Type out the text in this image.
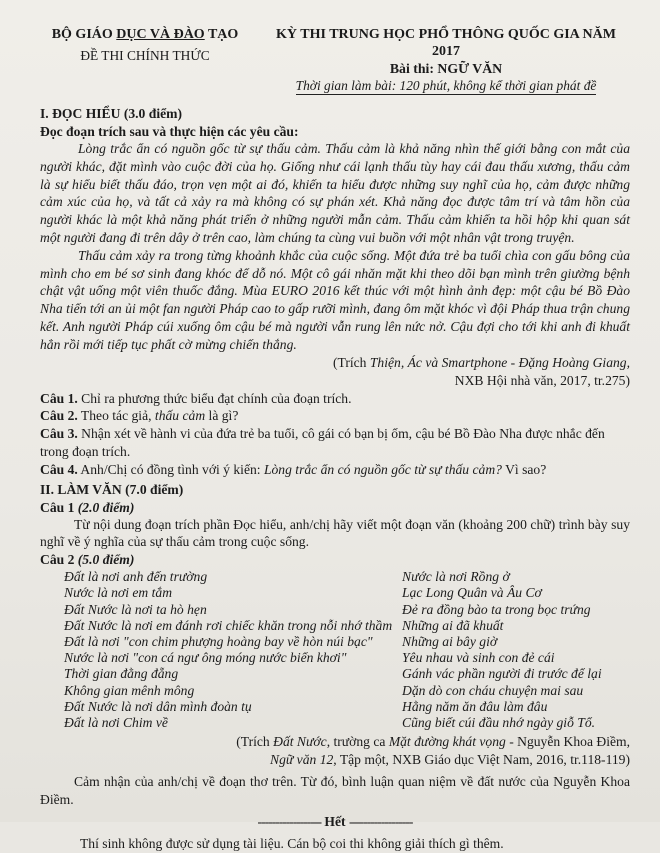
BỘ GIÁO DỤC VÀ ĐÀO TẠO
ĐỀ THI CHÍNH THỨC
KỲ THI TRUNG HỌC PHỔ THÔNG QUỐC GIA NĂM 2017
Bài thi: NGỮ VĂN
Thời gian làm bài: 120 phút, không kể thời gian phát đề
I. ĐỌC HIỂU (3.0 điểm)
Đọc đoạn trích sau và thực hiện các yêu cầu:

Lòng trắc ẩn có nguồn gốc từ sự thấu cảm. Thấu cảm là khả năng nhìn thế giới bằng con mắt của người khác, đặt mình vào cuộc đời của họ. Giống như cái lạnh thấu tùy hay cái đau thấu xương, thấu cảm là sự hiểu biết thấu đáo, trọn vẹn một ai đó, khiến ta hiểu được những suy nghĩ của họ, cảm được những cảm xúc của họ, và tất cả xảy ra mà không có sự phán xét. Khả năng đọc được tâm trí và tâm hồn của người khác là một khả năng phát triển ở những người mẫn cảm. Thấu cảm khiến ta hồi hộp khi quan sát một người đang đi trên dây ở trên cao, làm chúng ta cùng vui buồn với một nhân vật trong truyện.

Thấu cảm xảy ra trong từng khoảnh khắc của cuộc sống. Một đứa trẻ ba tuổi chìa con gấu bông của mình cho em bé sơ sinh đang khóc để dỗ nó. Một cô gái nhăn mặt khi theo dõi bạn mình trên giường bệnh chật vật uống một viên thuốc đắng. Mùa EURO 2016 kết thúc với một hình ảnh đẹp: một cậu bé Bồ Đào Nha tiến tới an ủi một fan người Pháp cao to gấp rưỡi mình, đang ôm mặt khóc vì đội Pháp thua trận chung kết. Anh người Pháp cúi xuống ôm cậu bé mà người vẫn rung lên nức nở. Cậu đợi cho tới khi anh đi khuất hẳn rồi mới tiếp tục phất cờ mừng chiến thắng.

(Trích Thiện, Ác và Smartphone - Đặng Hoàng Giang,
NXB Hội nhà văn, 2017, tr.275)

Câu 1. Chỉ ra phương thức biểu đạt chính của đoạn trích.

Câu 2. Theo tác giả, thấu cảm là gì?

Câu 3. Nhận xét về hành vi của đứa trẻ ba tuổi, cô gái có bạn bị ốm, cậu bé Bồ Đào Nha được nhắc đến trong đoạn trích.

Câu 4. Anh/Chị có đồng tình với ý kiến: Lòng trắc ẩn có nguồn gốc từ sự thấu cảm? Vì sao?

II. LÀM VĂN (7.0 điểm)
Câu 1 (2.0 điểm)

Từ nội dung đoạn trích phần Đọc hiểu, anh/chị hãy viết một đoạn văn (khoảng 200 chữ) trình bày suy nghĩ về ý nghĩa của sự thấu cảm trong cuộc sống.

Câu 2 (5.0 điểm)
Đất là nơi anh đến trường
Nước là nơi em tắm
Đất Nước là nơi ta hò hẹn
Đất Nước là nơi em đánh rơi chiếc khăn trong nỗi nhớ thầm
Đất là nơi "con chim phượng hoàng bay về hòn núi bạc"
Nước là nơi "con cá ngư ông móng nước biển khơi"
Thời gian đằng đẵng
Không gian mênh mông
Đất Nước là nơi dân mình đoàn tụ
Đất là nơi Chim về
Nước là nơi Rồng ở
Lạc Long Quân và Âu Cơ
Đẻ ra đồng bào ta trong bọc trứng
Những ai đã khuất
Những ai bây giờ
Yêu nhau và sinh con đẻ cái
Gánh vác phần người đi trước để lại
Dặn dò con cháu chuyện mai sau
Hằng năm ăn đâu làm đâu
Cũng biết cúi đầu nhớ ngày giỗ Tổ.
(Trích Đất Nước, trường ca Mặt đường khát vọng - Nguyễn Khoa Điềm,
Ngữ văn 12, Tập một, NXB Giáo dục Việt Nam, 2016, tr.118-119)

Cảm nhận của anh/chị về đoạn thơ trên. Từ đó, bình luận quan niệm về đất nước của Nguyễn Khoa Điềm.

------------------ Hết ------------------
Thí sinh không được sử dụng tài liệu. Cán bộ coi thi không giải thích gì thêm.
